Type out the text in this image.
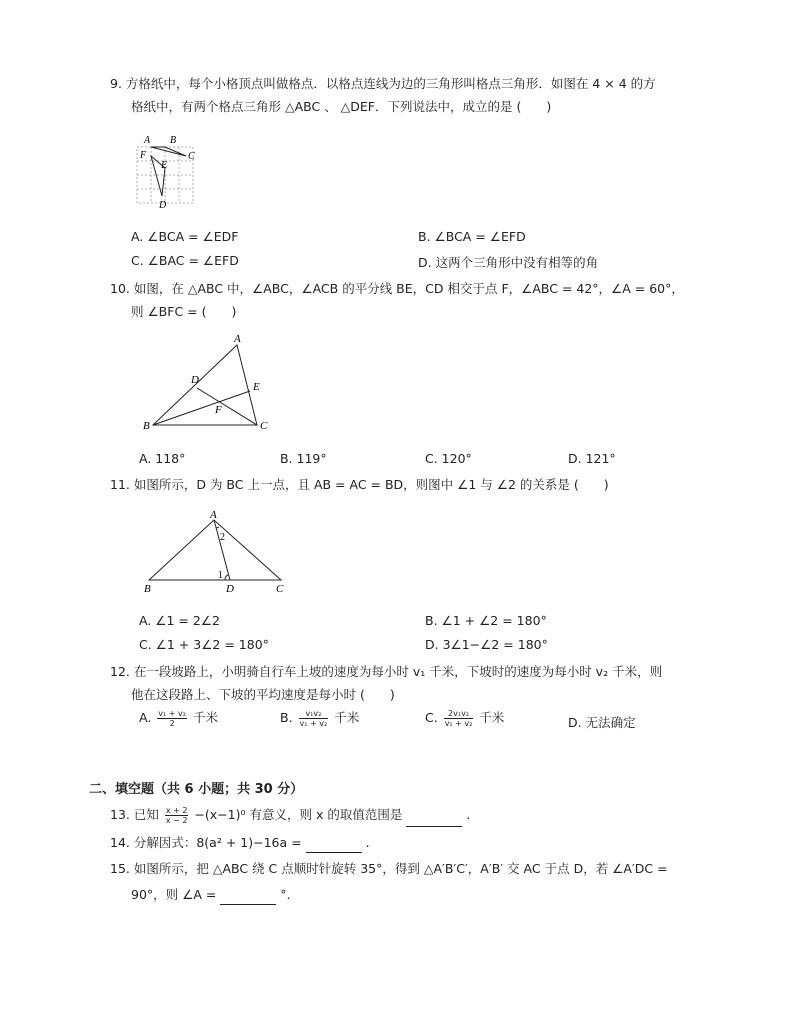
9. 方格纸中，每个小格顶点叫做格点．以格点连线为边的三角形叫格点三角形．如图在 4 × 4 的方
格纸中，有两个格点三角形 △ABC 、 △DEF．下列说法中，成立的是 (　　)
A B
C
F
E
D
A. ∠BCA = ∠EDF	B. ∠BCA = ∠EFD
C. ∠BAC = ∠EFD	D. 这两个三角形中没有相等的角
10. 如图，在 △ABC 中，∠ABC，∠ACB 的平分线 BE，CD 相交于点 F，∠ABC = 42°，∠A = 60°，
则 ∠BFC = (　　)
A
B	C
D
E
F
A. 118°	B. 119°	C. 120°	D. 121°
11. 如图所示，D 为 BC 上一点，且 AB = AC = BD，则图中 ∠1 与 ∠2 的关系是 (　　)
A
B	D	C
2
1
A. ∠1 = 2∠2	B. ∠1 + ∠2 = 180°
C. ∠1 + 3∠2 = 180°	D. 3∠1−∠2 = 180°
12. 在一段坡路上，小明骑自行车上坡的速度为每小时 v₁ 千米，下坡时的速度为每小时 v₂ 千米，则
他在这段路上、下坡的平均速度是每小时 (　　)
A. $\frac{\text{v₁ + v₂}}{2}$ 千米	B. $\frac{\text{v₁v₂}}{\text{v₁ + v₂}}$ 千米	C. $\frac{\text{2v₁v₂}}{\text{v₁ + v₂}}$ 千米	D. 无法确定
二、填空题（共 6 小题；共 30 分）
13. 已知 $\frac{x + 2}{x - 2} -(x-1)^0$ 有意义，则 x 的取值范围是	.
14. 分解因式：8(a² + 1)−16a =	.
15. 如图所示，把 △ABC 绕 C 点顺时针旋转 35°，得到 △A′B′C′，A′B′ 交 AC 于点 D，若 ∠A′DC =
90°，则 ∠A =	°.
